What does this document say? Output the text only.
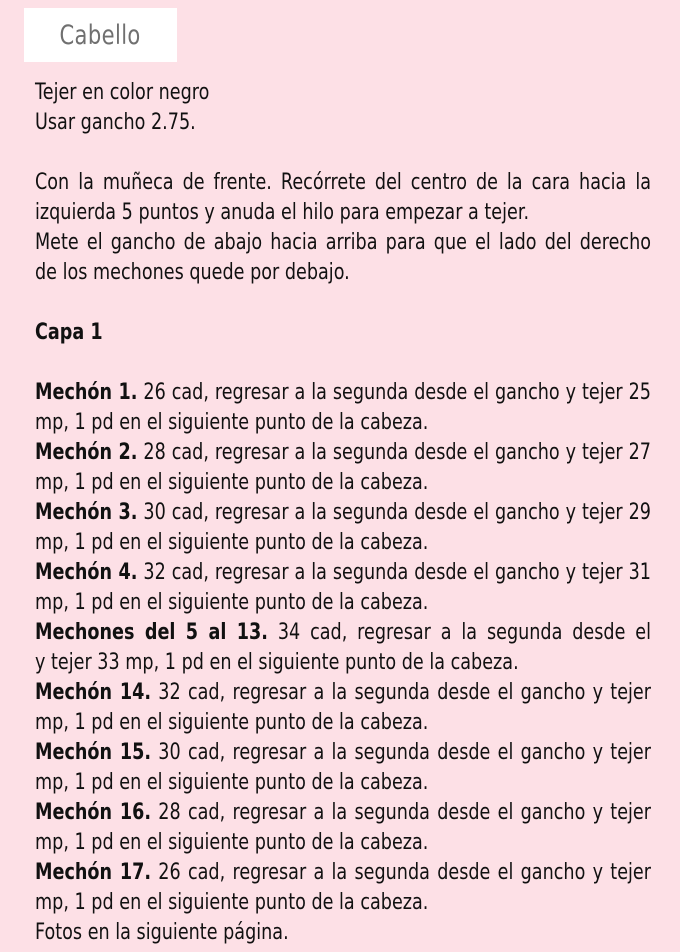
Cabello
Tejer en color negro
Usar gancho 2.75.
Con la muñeca de frente. Recórrete del centro de la cara hacia la
izquierda 5 puntos y anuda el hilo para empezar a tejer.
Mete el gancho de abajo hacia arriba para que el lado del derecho
de los mechones quede por debajo.
Capa 1
Mechón 1. 26 cad, regresar a la segunda desde el gancho y tejer 25
mp, 1 pd en el siguiente punto de la cabeza.
Mechón 2. 28 cad, regresar a la segunda desde el gancho y tejer 27
mp, 1 pd en el siguiente punto de la cabeza.
Mechón 3. 30 cad, regresar a la segunda desde el gancho y tejer 29
mp, 1 pd en el siguiente punto de la cabeza.
Mechón 4. 32 cad, regresar a la segunda desde el gancho y tejer 31
mp, 1 pd en el siguiente punto de la cabeza.
Mechones del 5 al 13. 34 cad, regresar a la segunda desde el
y tejer 33 mp, 1 pd en el siguiente punto de la cabeza.
Mechón 14. 32 cad, regresar a la segunda desde el gancho y tejer
mp, 1 pd en el siguiente punto de la cabeza.
Mechón 15. 30 cad, regresar a la segunda desde el gancho y tejer
mp, 1 pd en el siguiente punto de la cabeza.
Mechón 16. 28 cad, regresar a la segunda desde el gancho y tejer
mp, 1 pd en el siguiente punto de la cabeza.
Mechón 17. 26 cad, regresar a la segunda desde el gancho y tejer
mp, 1 pd en el siguiente punto de la cabeza.
Fotos en la siguiente página.
